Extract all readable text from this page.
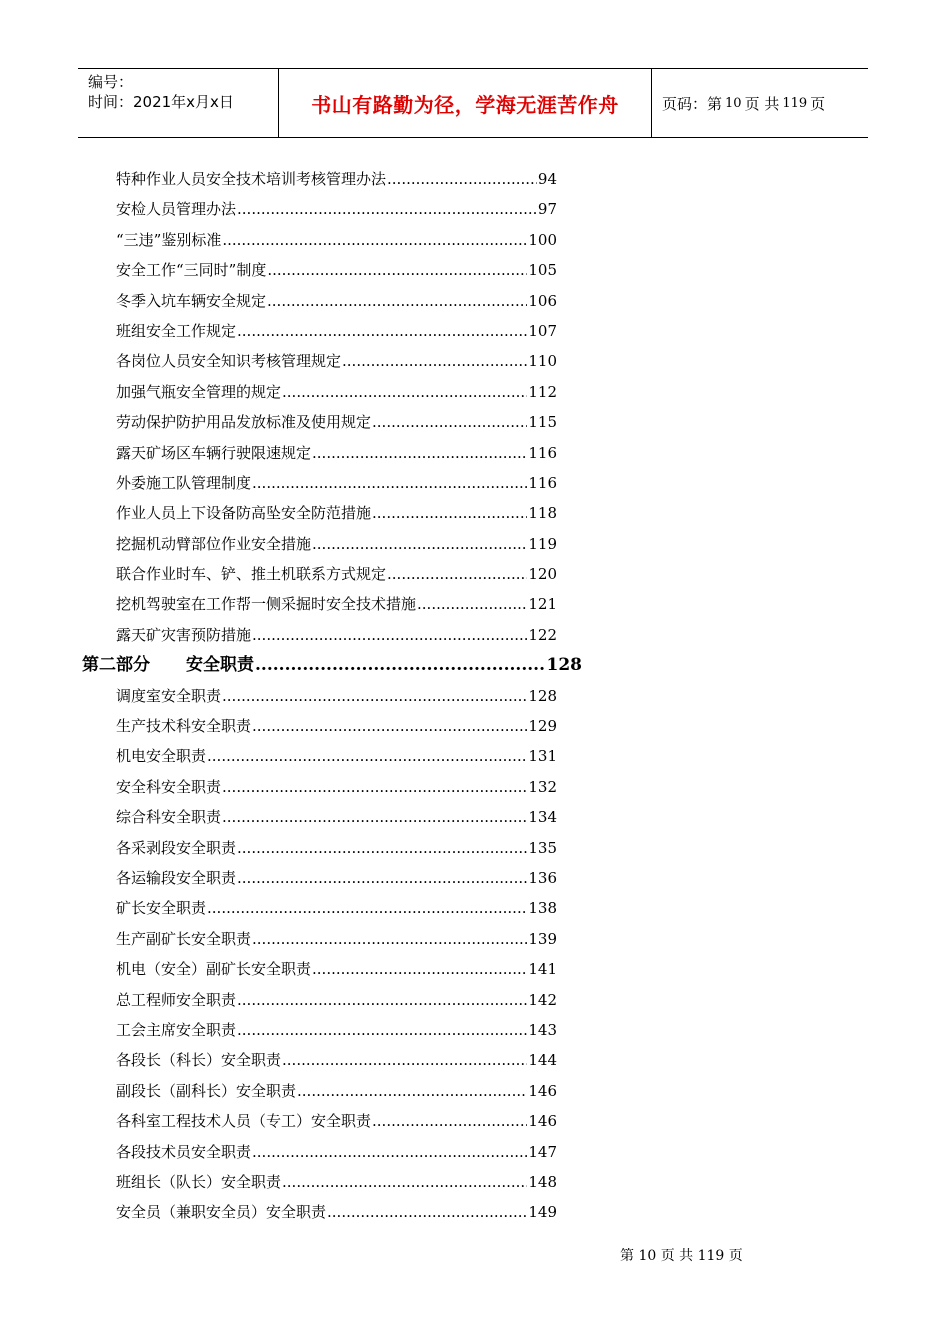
编号：
时间：2021年x月x日	书山有路勤为径，学海无涯苦作舟	页码：第 10 页 共 119 页
特种作业人员安全技术培训考核管理办法 .....	94
安检人员管理办法 .....	97
“三违”鉴别标准 .....	100
安全工作“三同时”制度 .....	105
冬季入坑车辆安全规定 .....	106
班组安全工作规定 .....	107
各岗位人员安全知识考核管理规定 .....	110
加强气瓶安全管理的规定 .....	112
劳动保护防护用品发放标准及使用规定 .....	115
露天矿场区车辆行驶限速规定 .....	116
外委施工队管理制度 .....	116
作业人员上下设备防高坠安全防范措施 .....	118
挖掘机动臂部位作业安全措施 .....	119
联合作业时车、铲、推土机联系方式规定 .....	120
挖机驾驶室在工作帮一侧采掘时安全技术措施 .....	121
露天矿灾害预防措施 .....	122
第二部分 安全职责 .....	128
调度室安全职责 .....	128
生产技术科安全职责 .....	129
机电安全职责 .....	131
安全科安全职责 .....	132
综合科安全职责 .....	134
各采剥段安全职责 .....	135
各运输段安全职责 .....	136
矿长安全职责 .....	138
生产副矿长安全职责 .....	139
机电（安全）副矿长安全职责 .....	141
总工程师安全职责 .....	142
工会主席安全职责 .....	143
各段长（科长）安全职责 .....	144
副段长（副科长）安全职责 .....	146
各科室工程技术人员（专工）安全职责 .....	146
各段技术员安全职责 .....	147
班组长（队长）安全职责 .....	148
安全员（兼职安全员）安全职责 .....	149
第 10 页 共 119 页
